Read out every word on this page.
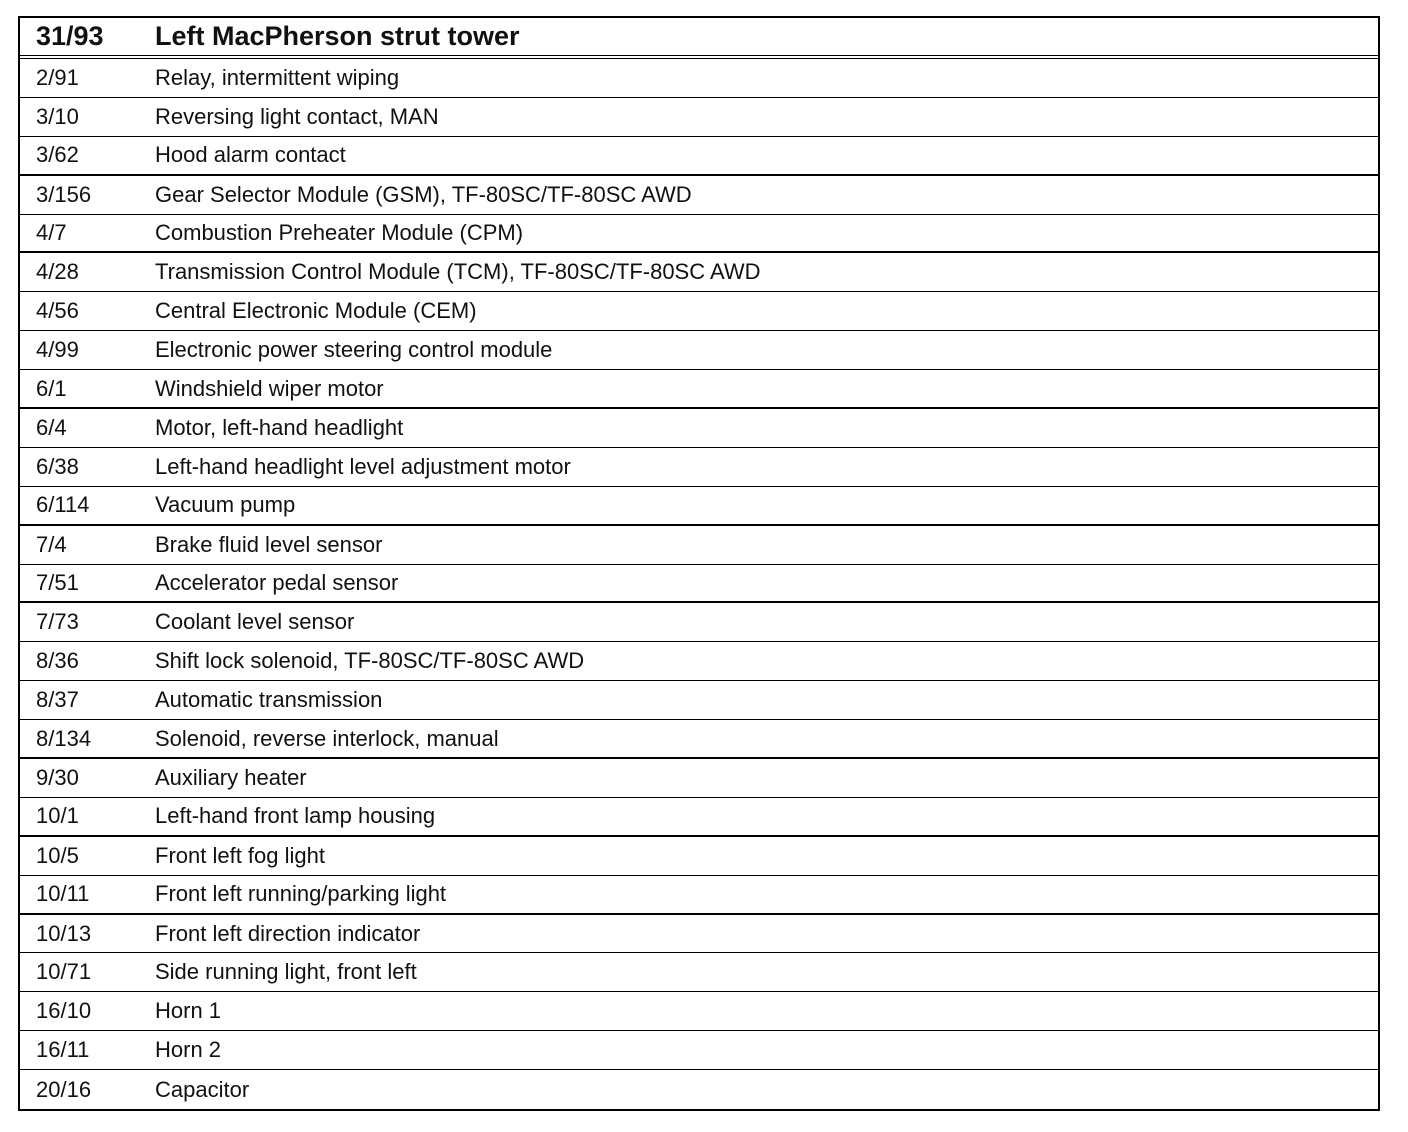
31/93	Left MacPherson strut tower
2/91	Relay, intermittent wiping
3/10	Reversing light contact, MAN
3/62	Hood alarm contact
3/156	Gear Selector Module (GSM), TF-80SC/TF-80SC AWD
4/7	Combustion Preheater Module (CPM)
4/28	Transmission Control Module (TCM), TF-80SC/TF-80SC AWD
4/56	Central Electronic Module (CEM)
4/99	Electronic power steering control module
6/1	Windshield wiper motor
6/4	Motor, left-hand headlight
6/38	Left-hand headlight level adjustment motor
6/114	Vacuum pump
7/4	Brake fluid level sensor
7/51	Accelerator pedal sensor
7/73	Coolant level sensor
8/36	Shift lock solenoid, TF-80SC/TF-80SC AWD
8/37	Automatic transmission
8/134	Solenoid, reverse interlock, manual
9/30	Auxiliary heater
10/1	Left-hand front lamp housing
10/5	Front left fog light
10/11	Front left running/parking light
10/13	Front left direction indicator
10/71	Side running light, front left
16/10	Horn 1
16/11	Horn 2
20/16	Capacitor
